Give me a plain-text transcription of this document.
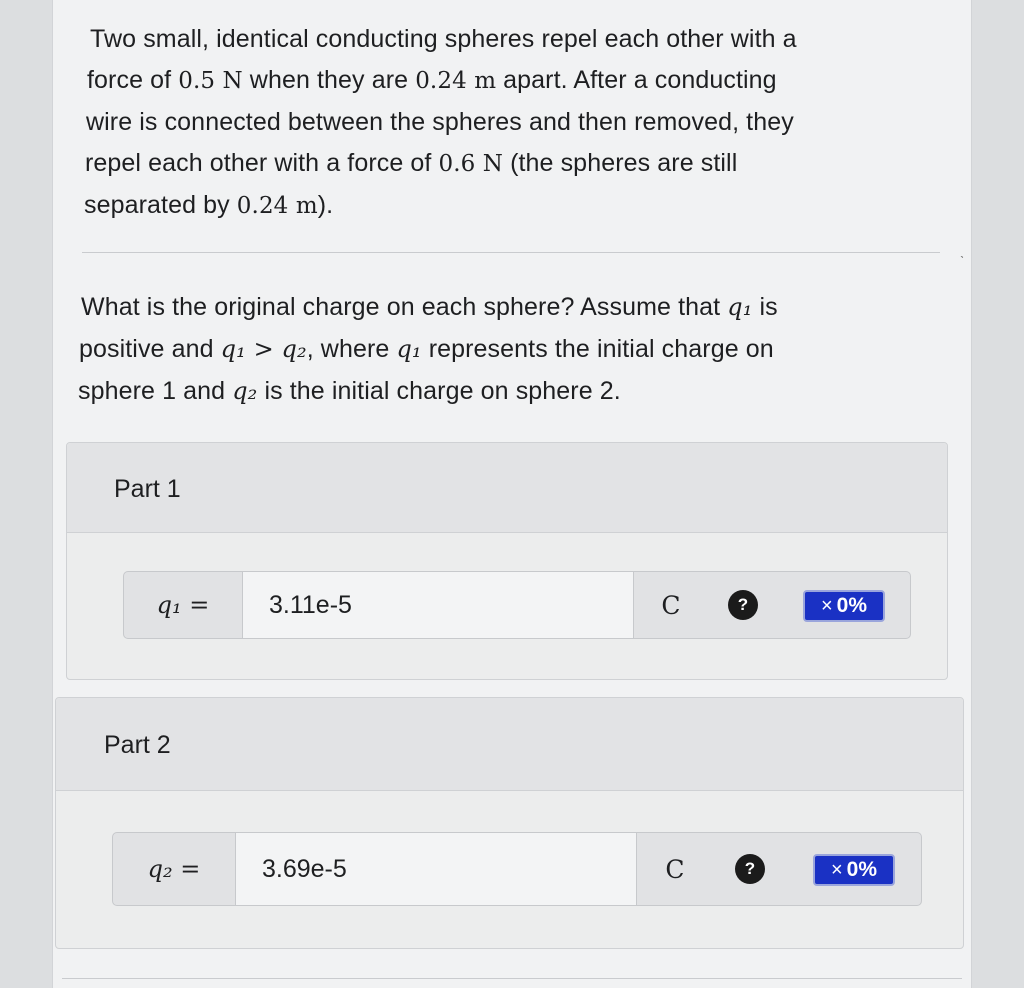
Two small, identical conducting spheres repel each other with a

force of 0.5 N when they are 0.24 m apart. After a conducting

wire is connected between the spheres and then removed, they

repel each other with a force of 0.6 N (the spheres are still

separated by 0.24 m).

ˎ

What is the original charge on each sphere? Assume that q₁ is

positive and q₁ > q₂, where q₁ represents the initial charge on

sphere 1 and q₂ is the initial charge on sphere 2.

Part 1
q₁ =	3.11e-5	C	?	× 0%
Part 2
q₂ =	3.69e-5	C	?	× 0%
